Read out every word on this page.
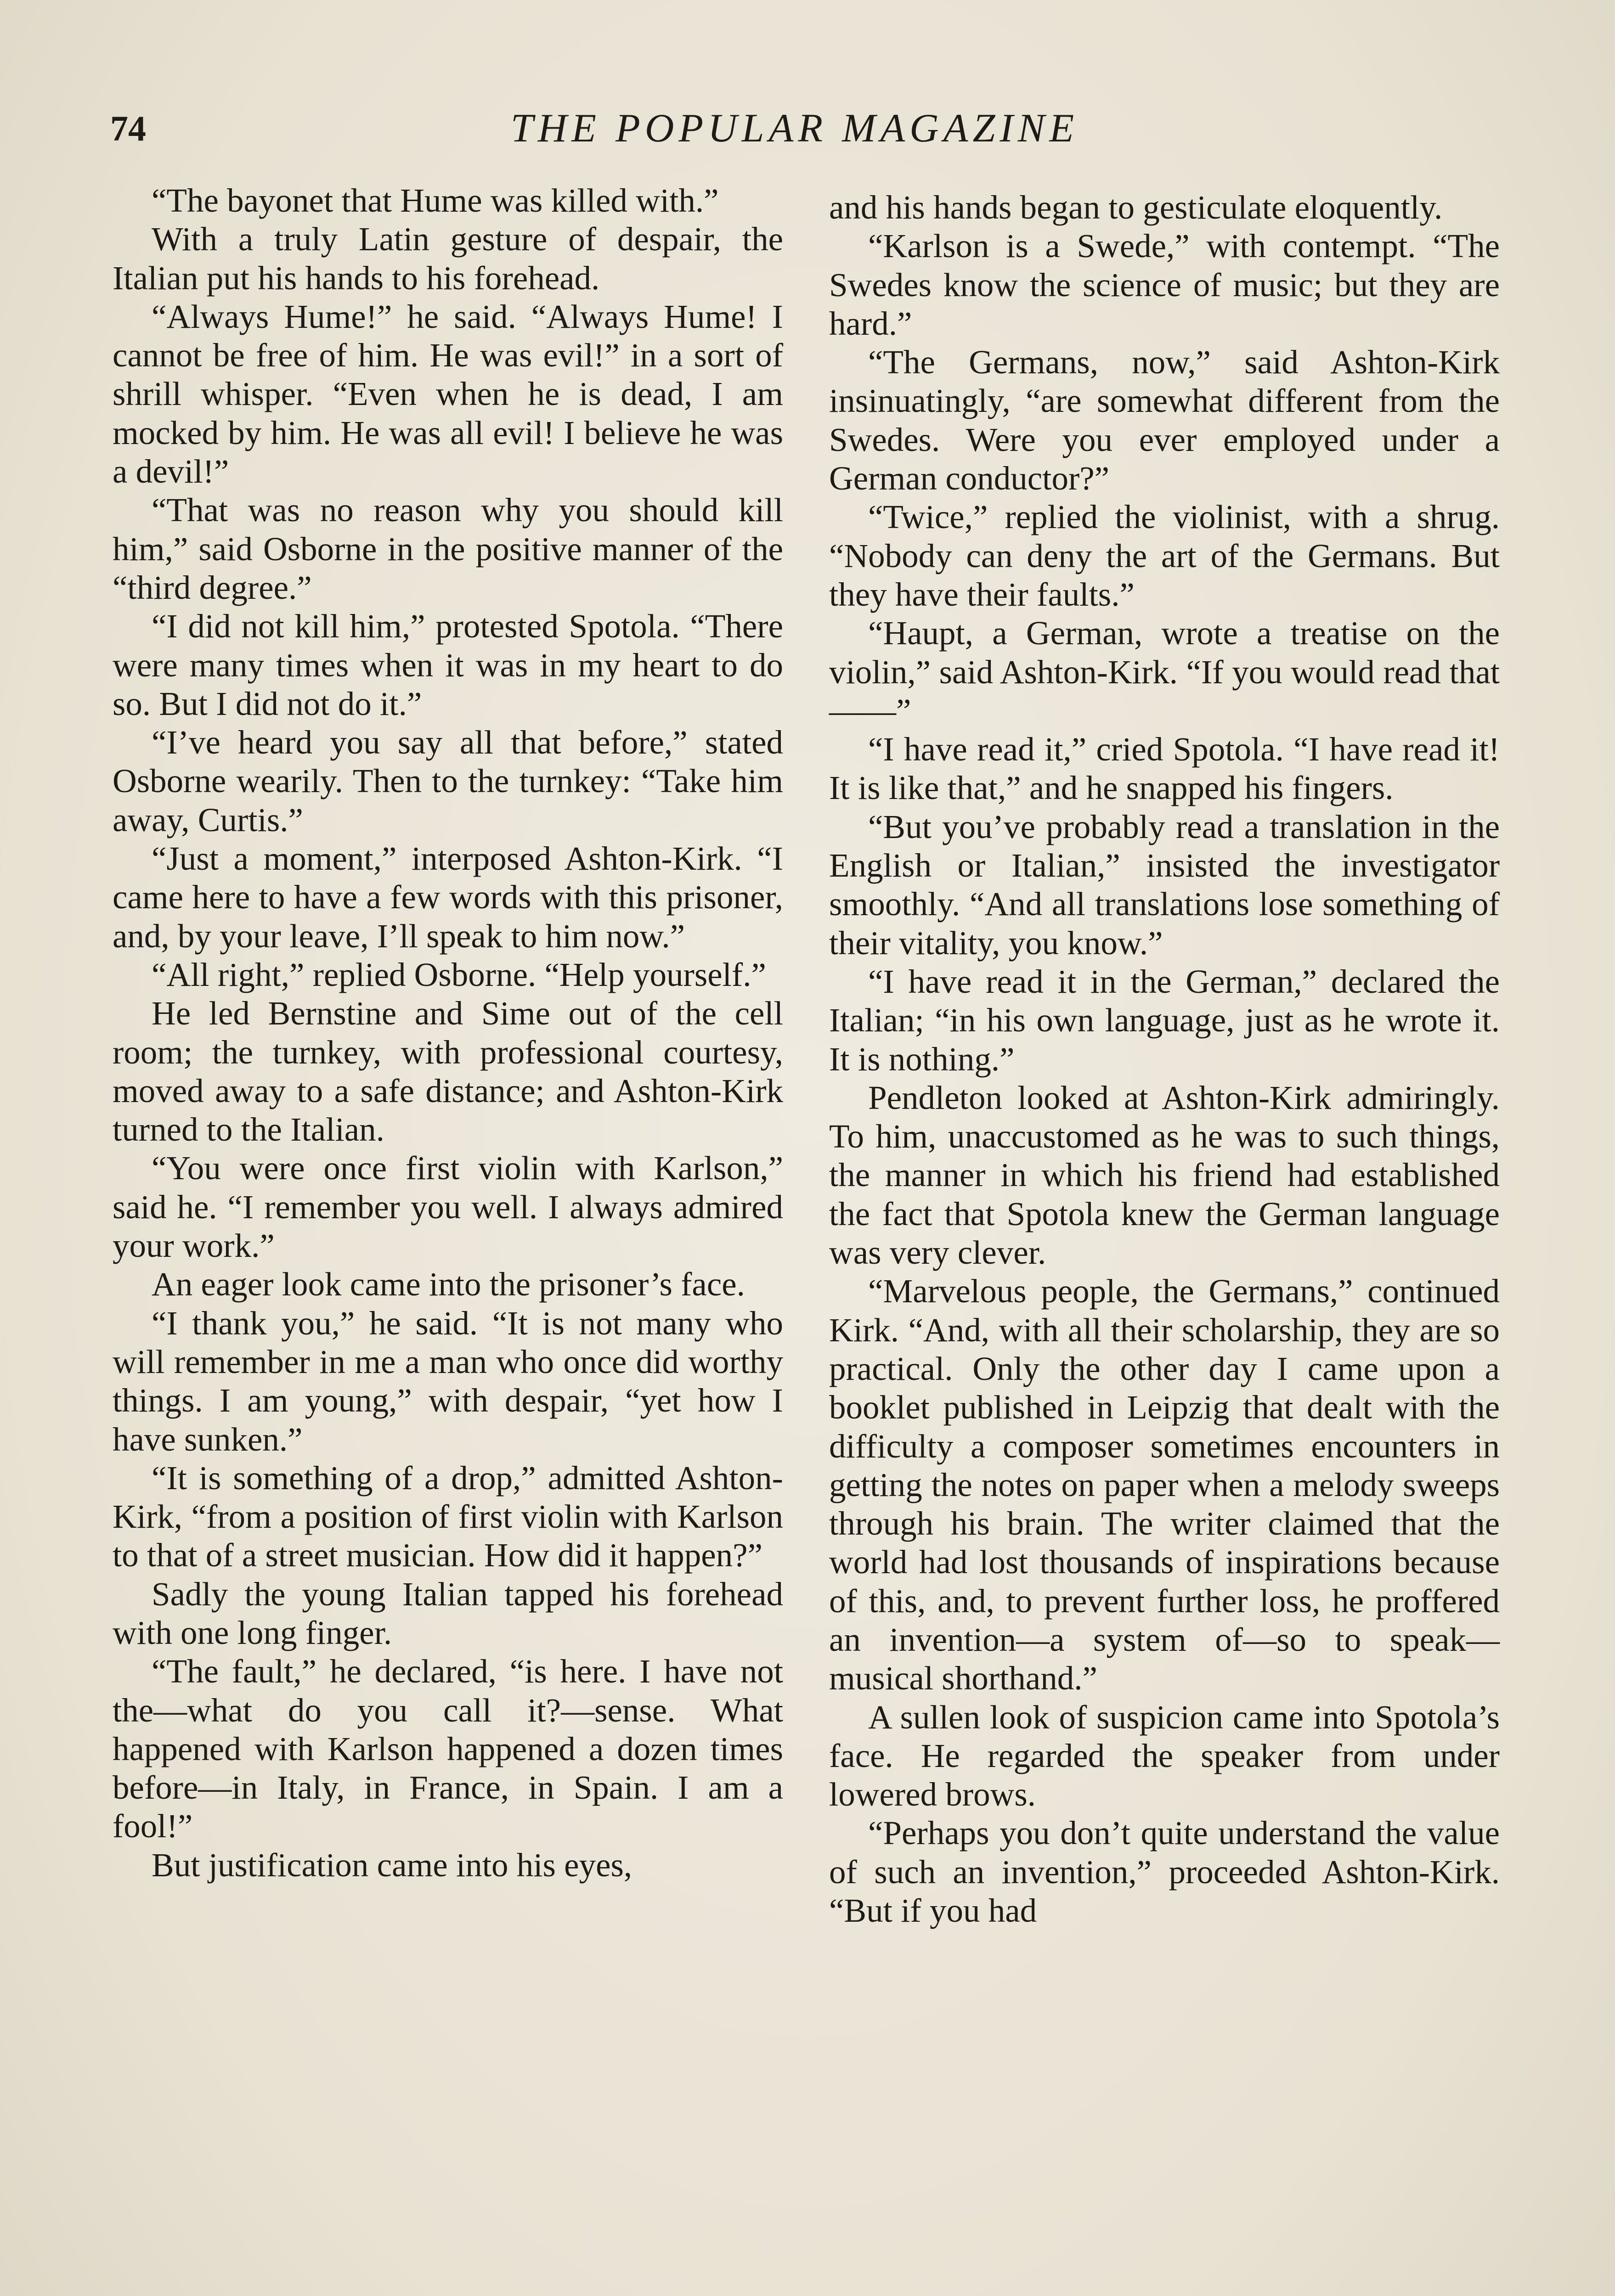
74	THE POPULAR MAGAZINE

“The bayonet that Hume was killed with.”

With a truly Latin gesture of despair, the Italian put his hands to his forehead.

“Always Hume!” he said. “Always Hume! I cannot be free of him. He was evil!” in a sort of shrill whisper. “Even when he is dead, I am mocked by him. He was all evil! I believe he was a devil!”

“That was no reason why you should kill him,” said Osborne in the positive manner of the “third degree.”

“I did not kill him,” protested Spotola. “There were many times when it was in my heart to do so. But I did not do it.”

“I’ve heard you say all that before,” stated Osborne wearily. Then to the turnkey: “Take him away, Curtis.”

“Just a moment,” interposed Ashton-Kirk. “I came here to have a few words with this prisoner, and, by your leave, I’ll speak to him now.”

“All right,” replied Osborne. “Help yourself.”

He led Bernstine and Sime out of the cell room; the turnkey, with professional courtesy, moved away to a safe distance; and Ashton-Kirk turned to the Italian.

“You were once first violin with Karlson,” said he. “I remember you well. I always admired your work.”

An eager look came into the prisoner’s face.

“I thank you,” he said. “It is not many who will remember in me a man who once did worthy things. I am young,” with despair, “yet how I have sunken.”

“It is something of a drop,” admitted Ashton-Kirk, “from a position of first violin with Karlson to that of a street musician. How did it happen?”

Sadly the young Italian tapped his forehead with one long finger.

“The fault,” he declared, “is here. I have not the—what do you call it?—sense. What happened with Karlson happened a dozen times before—in Italy, in France, in Spain. I am a fool!”

But justification came into his eyes,

and his hands began to gesticulate eloquently.

“Karlson is a Swede,” with contempt. “The Swedes know the science of music; but they are hard.”

“The Germans, now,” said Ashton-Kirk insinuatingly, “are somewhat different from the Swedes. Were you ever employed under a German conductor?”

“Twice,” replied the violinist, with a shrug. “Nobody can deny the art of the Germans. But they have their faults.”

“Haupt, a German, wrote a treatise on the violin,” said Ashton-Kirk. “If you would read that——”

“I have read it,” cried Spotola. “I have read it! It is like that,” and he snapped his fingers.

“But you’ve probably read a translation in the English or Italian,” insisted the investigator smoothly. “And all translations lose something of their vitality, you know.”

“I have read it in the German,” declared the Italian; “in his own language, just as he wrote it. It is nothing.”

Pendleton looked at Ashton-Kirk admiringly. To him, unaccustomed as he was to such things, the manner in which his friend had established the fact that Spotola knew the German language was very clever.

“Marvelous people, the Germans,” continued Kirk. “And, with all their scholarship, they are so practical. Only the other day I came upon a booklet published in Leipzig that dealt with the difficulty a composer sometimes encounters in getting the notes on paper when a melody sweeps through his brain. The writer claimed that the world had lost thousands of inspirations because of this, and, to prevent further loss, he proffered an invention—a system of—so to speak—musical shorthand.”

A sullen look of suspicion came into Spotola’s face. He regarded the speaker from under lowered brows.

“Perhaps you don’t quite understand the value of such an invention,” proceeded Ashton-Kirk. “But if you had
